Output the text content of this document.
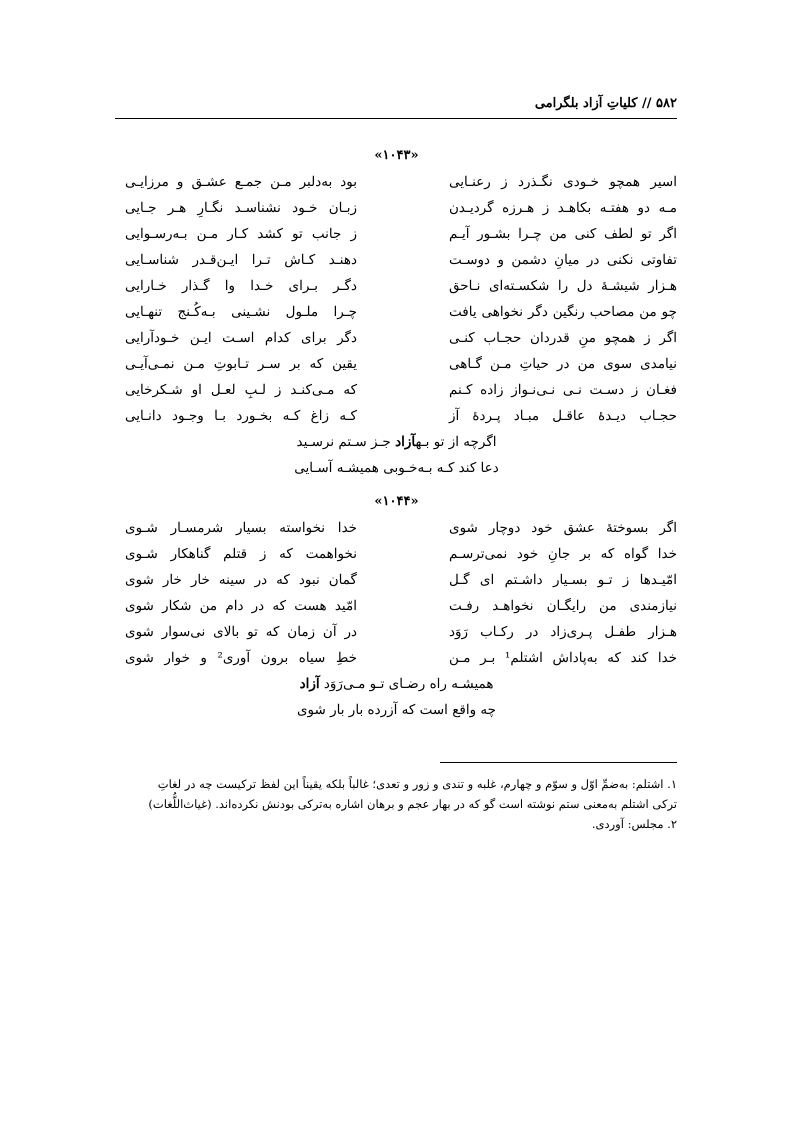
۵۸۲ // کلیاتِ آزاد بلگرامی
«۱۰۴۳»
اسیر همچو خـودی نگـذرد ز رعنـایی
بود به‌دلبر مـن جمـع عشـق و مرزایـی
مـه دو هفتـه بکاهـد ز هـرزه گردیـدن
زبـان خـود نشناسـد نگـارِ هـر جـایی
اگر تو لطف کنی من چـرا بشـور آیـم
ز جانب تو کشد کـار مـن بـه‌رسـوایی
تفاوتی نکنی در میانِ دشمن و دوسـت
دهنـد کـاش تـرا ایـن‌قـدر شناسـایی
هـزار شیشـهٔ دل را شکسـته‌ای نـاحق
دگـر بـرای خـدا وا گـذار خـارایی
چو من مصاحب رنگین دگر نخواهی یافت
چـرا ملـول نشـینی بـه‌کُـنج تنهـایی
اگر ز همچو منِ قدردان حجـاب کنـی
دگر برای کدام اسـت ایـن خـودآرایی
نیامدی سوی من در حیاتِ مـن گـاهی
یقین که بر سـر تـابوتِ مـن نمـی‌آیـی
فغـان ز دسـت نـی نـی‌نـواز زاده کـنم
که مـی‌کنـد ز لـبِ لعـل او شـکرخایی
حجـاب دیـدهٔ عاقـل مبـاد پـردهٔ آز
کـه زاغ کـه بخـورد بـا وجـود دانـایی
اگرچه از تو بـهآزاد جـز سـتم نرسـید
دعا کند کـه بـه‌خـوبی همیشـه آسـایی
«۱۰۴۴»
اگر بسوختهٔ عشق خود دوچار شوی
خدا نخواسته بسیار شرمسـار شـوی
خدا گواه که بر جانِ خود نمی‌ترسـم
نخواهمت که ز قتلم گناهکار شـوی
امّیـدها ز تـو بسـیار داشـتم ای گـل
گمان نبود که در سینه خار خار شوی
نیازمندی من رایگـان نخواهـد رفـت
امّید هست که در دام من شکار شوی
هـزار طفـل پـری‌زاد در رکـاب رَوَد
در آن زمان که تو بالای نی‌سوار شوی
خدا کند که به‌پاداش اشتلم¹ بـر مـن
خطِ سیاه برون آوری² و خوار شوی
همیشـه راه رضـای تـو مـی‌رَوَد آزاد
چه واقع است که آزرده بار بار شوی
۱. اشتلم: به‌ضمِّ اوّل و سوّم و چهارم، غلبه و تندی و زور و تعدی؛ غالباً بلکه یقیناً این لفظ ترکیست چه در لغاتِ
ترکی اشتلم به‌معنی ستم نوشته است گو که در بهار عجم و برهان اشاره به‌ترکی بودنش نکرده‌اند. (غیاث‌اللُّغات)
۲. مجلس: آوردی.
